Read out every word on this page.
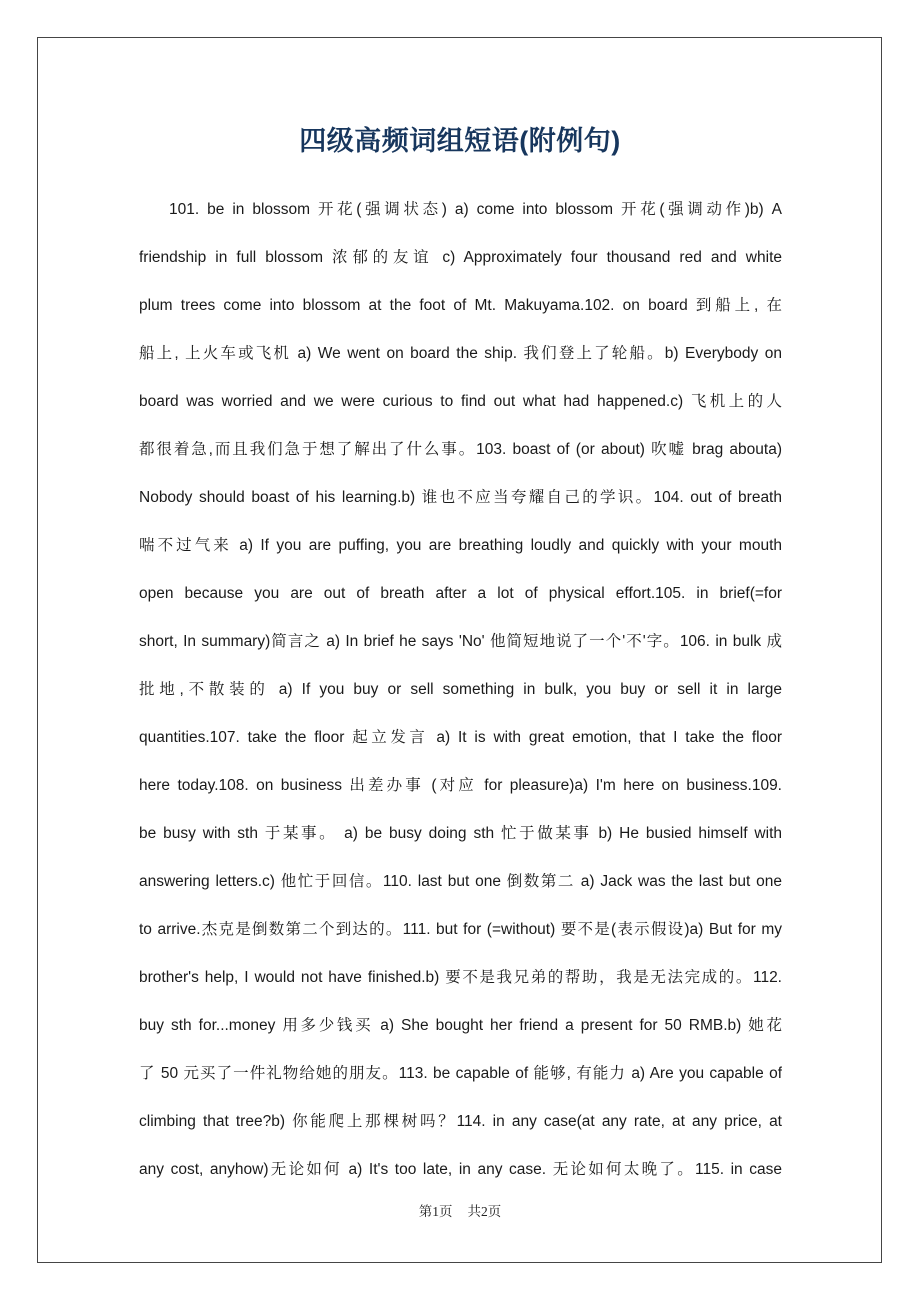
四级高频词组短语(附例句)
101. be in blossom 开花(强调状态) a) come into blossom 开花(强调动作)b) A
friendship in full blossom 浓郁的友谊 c) Approximately four thousand red and white
plum trees come into blossom at the foot of Mt. Makuyama.102. on board 到船上, 在
船上, 上火车或飞机 a) We went on board the ship. 我们登上了轮船。b) Everybody on
board was worried and we were curious to find out what had happened.c) 飞机上的人
都很着急,而且我们急于想了解出了什么事。103. boast of (or about) 吹嘘 brag abouta)
Nobody should boast of his learning.b) 谁也不应当夸耀自己的学识。104. out of breath
喘不过气来 a) If you are puffing, you are breathing loudly and quickly with your mouth
open because you are out of breath after a lot of physical effort.105. in brief(=for
short, In summary)简言之 a) In brief he says 'No' 他简短地说了一个'不'字。106. in bulk 成
批地,不散装的 a) If you buy or sell something in bulk, you buy or sell it in large
quantities.107. take the floor 起立发言 a) It is with great emotion, that I take the floor
here today.108. on business 出差办事 (对应 for pleasure)a) I'm here on business.109.
be busy with sth 于某事。 a) be busy doing sth 忙于做某事 b) He busied himself with
answering letters.c) 他忙于回信。110. last but one 倒数第二 a) Jack was the last but one
to arrive.杰克是倒数第二个到达的。111. but for (=without) 要不是(表示假设)a) But for my
brother's help, I would not have finished.b) 要不是我兄弟的帮助，我是无法完成的。112.
buy sth for...money 用多少钱买 a) She bought her friend a present for 50 RMB.b) 她花
了 50 元买了一件礼物给她的朋友。113. be capable of 能够, 有能力 a) Are you capable of
climbing that tree?b) 你能爬上那棵树吗？114. in any case(at any rate, at any price, at
any cost, anyhow)无论如何 a) It's too late, in any case. 无论如何太晚了。115. in case
第1页 共2页
